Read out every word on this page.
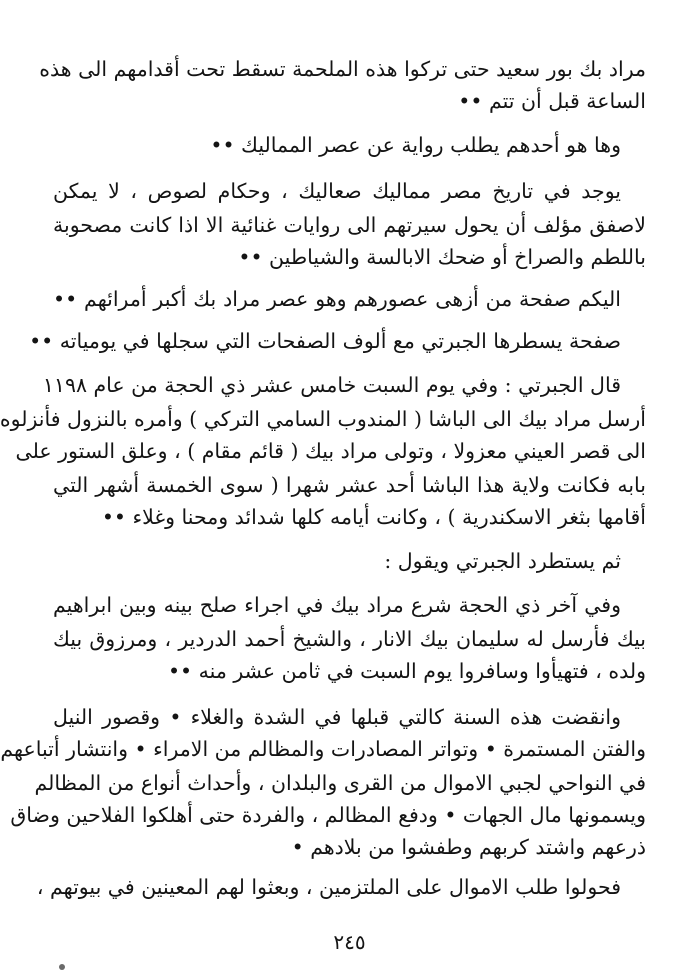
مراد بك بور سعيد حتى تركوا هذه الملحمة تسقط تحت أقدامهم الى هذه
الساعة قبل أن تتم ••
وها هو أحدهم يطلب رواية عن عصر المماليك ••
يوجد في تاريخ مصر مماليك صعاليك ، وحكام لصوص ، لا يمكن
لاصفق مؤلف أن يحول سيرتهم الى روايات غنائية الا اذا كانت مصحوبة
باللطم والصراخ أو ضحك الابالسة والشياطين ••
اليكم صفحة من أزهى عصورهم وهو عصر مراد بك أكبر أمرائهم ••
صفحة يسطرها الجبرتي مع ألوف الصفحات التي سجلها في يومياته ••
قال الجبرتي : وفي يوم السبت خامس عشر ذي الحجة من عام ١١٩٨
أرسل مراد بيك الى الباشا ( المندوب السامي التركي ) وأمره بالنزول فأنزلوه
الى قصر العيني معزولا ، وتولى مراد بيك ( قائم مقام ) ، وعلق الستور على
بابه فكانت ولاية هذا الباشا أحد عشر شهرا ( سوى الخمسة أشهر التي
أقامها بثغر الاسكندرية ) ، وكانت أيامه كلها شدائد ومحنا وغلاء ••
ثم يستطرد الجبرتي ويقول :
وفي آخر ذي الحجة شرع مراد بيك في اجراء صلح بينه وبين ابراهيم
بيك فأرسل له سليمان بيك الانار ، والشيخ أحمد الدردير ، ومرزوق بيك
ولده ، فتهيأوا وسافروا يوم السبت في ثامن عشر منه ••
وانقضت هذه السنة كالتي قبلها في الشدة والغلاء • وقصور النيل
والفتن المستمرة • وتواتر المصادرات والمظالم من الامراء • وانتشار أتباعهم
في النواحي لجبي الاموال من القرى والبلدان ، وأحداث أنواع من المظالم
ويسمونها مال الجهات • ودفع المظالم ، والفردة حتى أهلكوا الفلاحين وضاق
ذرعهم واشتد كربهم وطفشوا من بلادهم •
فحولوا طلب الاموال على الملتزمين ، وبعثوا لهم المعينين في بيوتهم ،
٢٤٥
